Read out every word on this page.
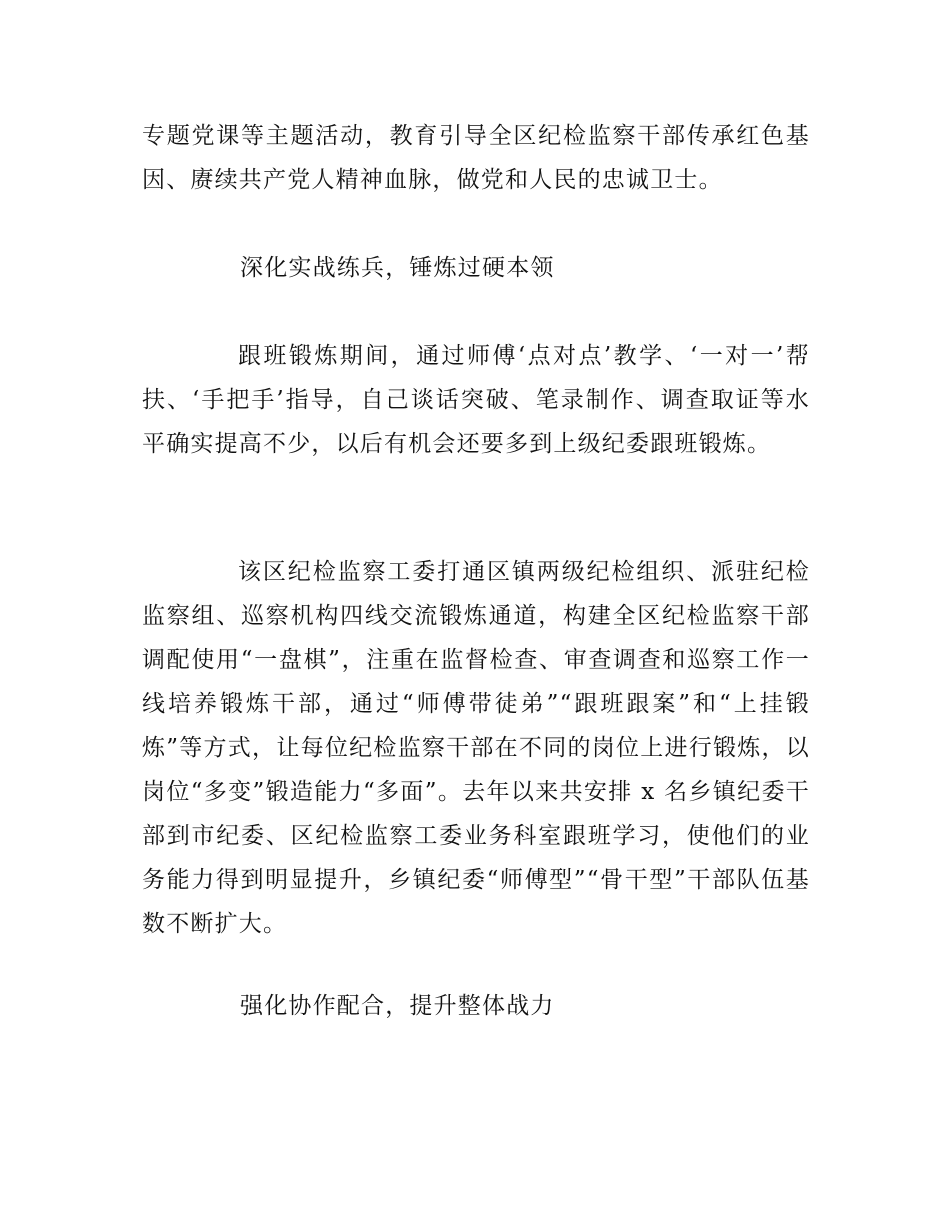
专题党课等主题活动，教育引导全区纪检监察干部传承红色基因、赓续共产党人精神血脉，做党和人民的忠诚卫士。

深化实战练兵，锤炼过硬本领

跟班锻炼期间，通过师傅‘点对点’教学、‘一对一’帮扶、‘手把手’指导，自己谈话突破、笔录制作、调查取证等水平确实提高不少，以后有机会还要多到上级纪委跟班锻炼。

该区纪检监察工委打通区镇两级纪检组织、派驻纪检监察组、巡察机构四线交流锻炼通道，构建全区纪检监察干部调配使用“一盘棋”，注重在监督检查、审查调查和巡察工作一线培养锻炼干部，通过“师傅带徒弟”“跟班跟案”和“上挂锻炼”等方式，让每位纪检监察干部在不同的岗位上进行锻炼，以岗位“多变”锻造能力“多面”。去年以来共安排 x 名乡镇纪委干部到市纪委、区纪检监察工委业务科室跟班学习，使他们的业务能力得到明显提升，乡镇纪委“师傅型”“骨干型”干部队伍基数不断扩大。

强化协作配合，提升整体战力
